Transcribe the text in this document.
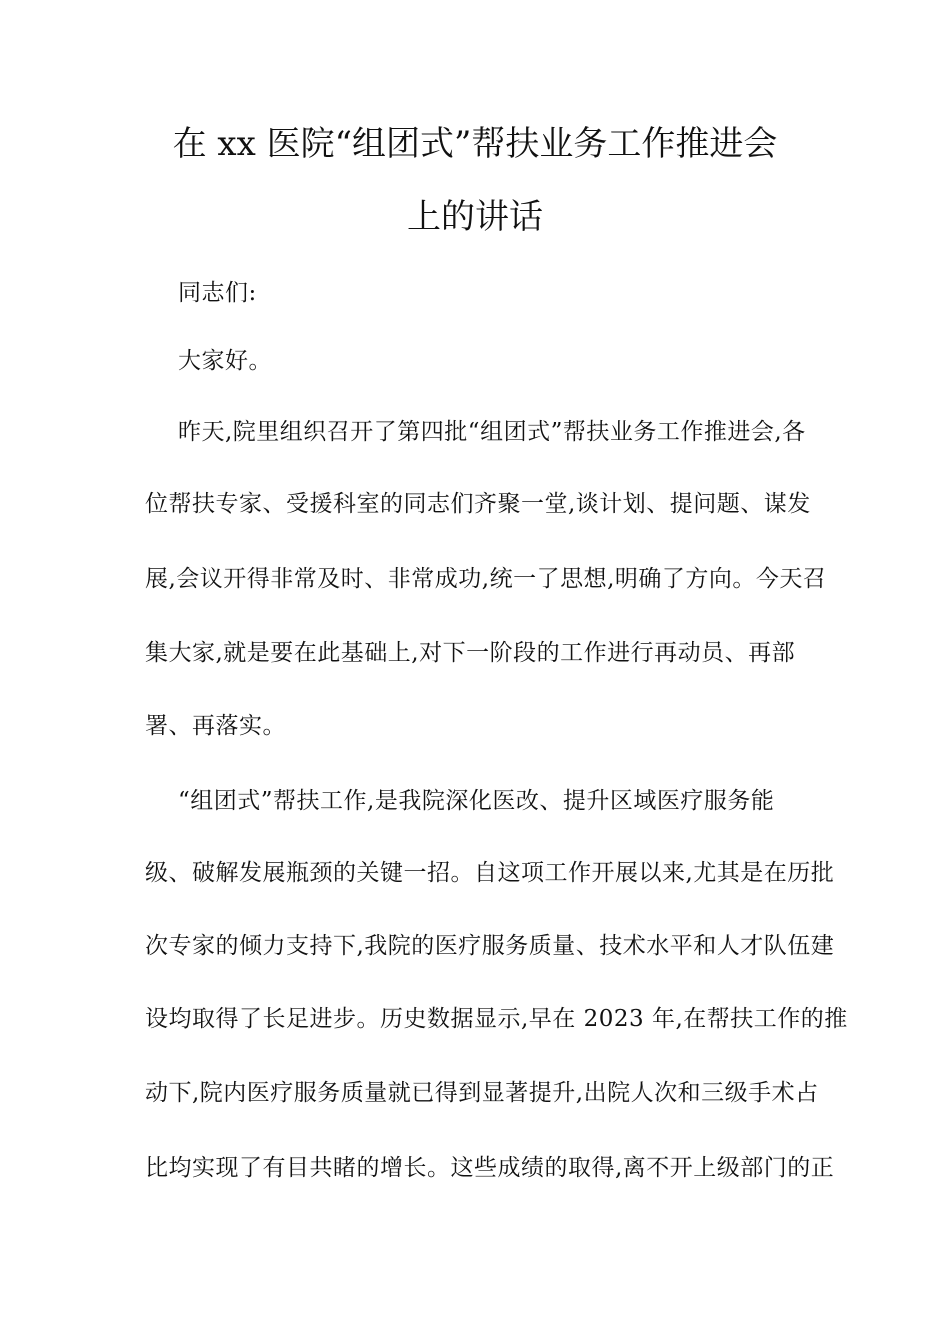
在 xx 医院“组团式”帮扶业务工作推进会
上的讲话
同志们:
大家好。
昨天,院里组织召开了第四批“组团式”帮扶业务工作推进会,各
位帮扶专家、受援科室的同志们齐聚一堂,谈计划、提问题、谋发
展,会议开得非常及时、非常成功,统一了思想,明确了方向。今天召
集大家,就是要在此基础上,对下一阶段的工作进行再动员、再部
署、再落实。
“组团式”帮扶工作,是我院深化医改、提升区域医疗服务能
级、破解发展瓶颈的关键一招。自这项工作开展以来,尤其是在历批
次专家的倾力支持下,我院的医疗服务质量、技术水平和人才队伍建
设均取得了长足进步。历史数据显示,早在 2023 年,在帮扶工作的推
动下,院内医疗服务质量就已得到显著提升,出院人次和三级手术占
比均实现了有目共睹的增长。这些成绩的取得,离不开上级部门的正
